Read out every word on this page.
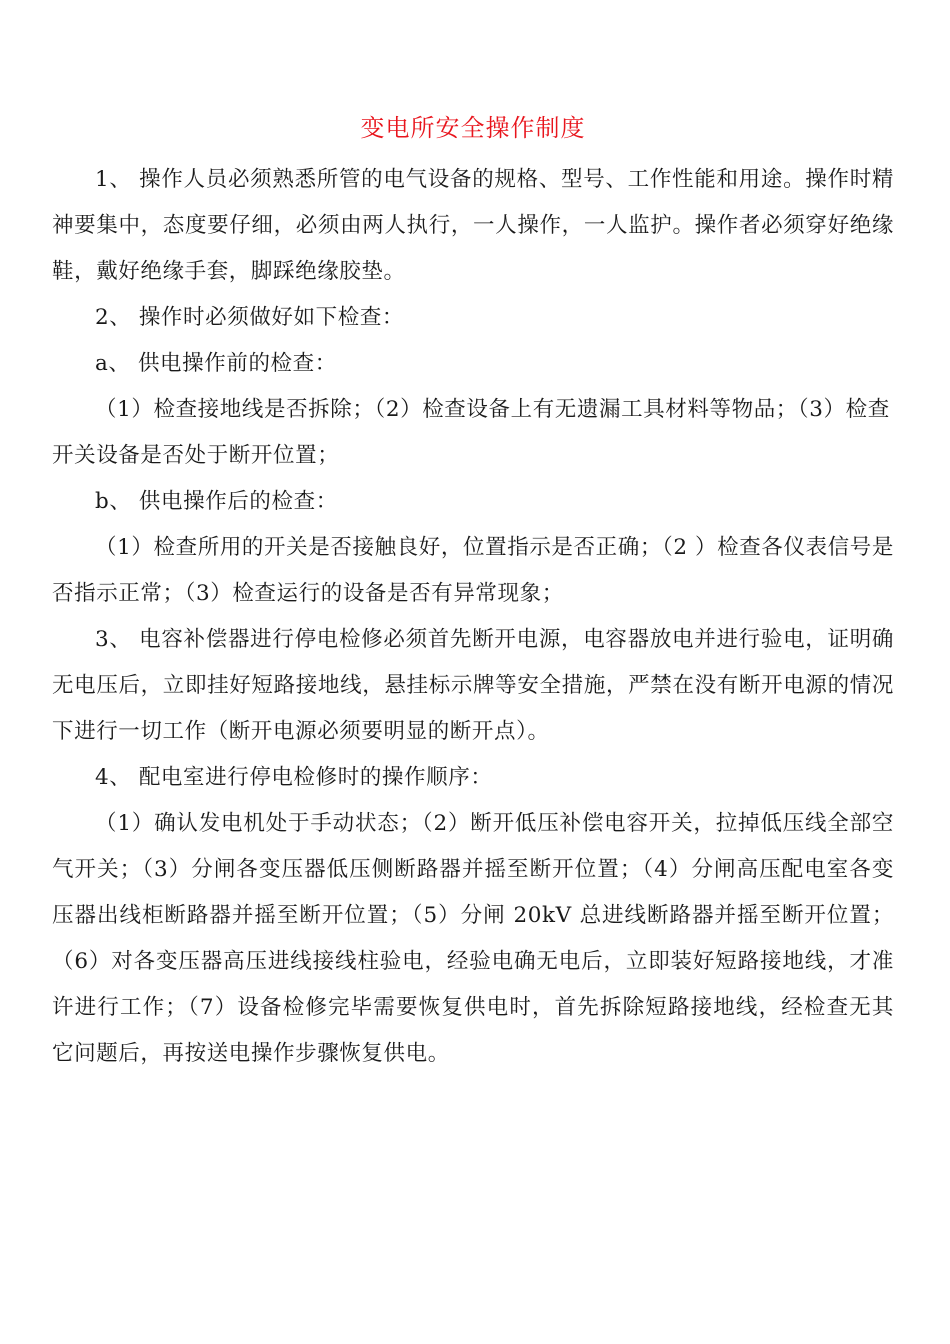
变电所安全操作制度

1、 操作人员必须熟悉所管的电气设备的规格、型号、工作性能和用途。操作时精神要集中，态度要仔细，必须由两人执行，一人操作，一人监护。操作者必须穿好绝缘鞋，戴好绝缘手套，脚踩绝缘胶垫。

2、 操作时必须做好如下检查：

a、 供电操作前的检查：

（1）检查接地线是否拆除；（2）检查设备上有无遗漏工具材料等物品；（3）检查

开关设备是否处于断开位置；

b、 供电操作后的检查：

（1）检查所用的开关是否接触良好，位置指示是否正确；（2 ）检查各仪表信号是否指示正常；（3）检查运行的设备是否有异常现象；

3、 电容补偿器进行停电检修必须首先断开电源，电容器放电并进行验电，证明确无电压后，立即挂好短路接地线，悬挂标示牌等安全措施，严禁在没有断开电源的情况下进行一切工作（断开电源必须要明显的断开点）。

4、 配电室进行停电检修时的操作顺序：

（1）确认发电机处于手动状态；（2）断开低压补偿电容开关，拉掉低压线全部空气开关；（3）分闸各变压器低压侧断路器并摇至断开位置；（4）分闸高压配电室各变压器出线柜断路器并摇至断开位置；（5）分闸 20kV 总进线断路器并摇至断开位置；（6）对各变压器高压进线接线柱验电，经验电确无电后，立即装好短路接地线，才准许进行工作；（7）设备检修完毕需要恢复供电时，首先拆除短路接地线，经检查无其它问题后，再按送电操作步骤恢复供电。
